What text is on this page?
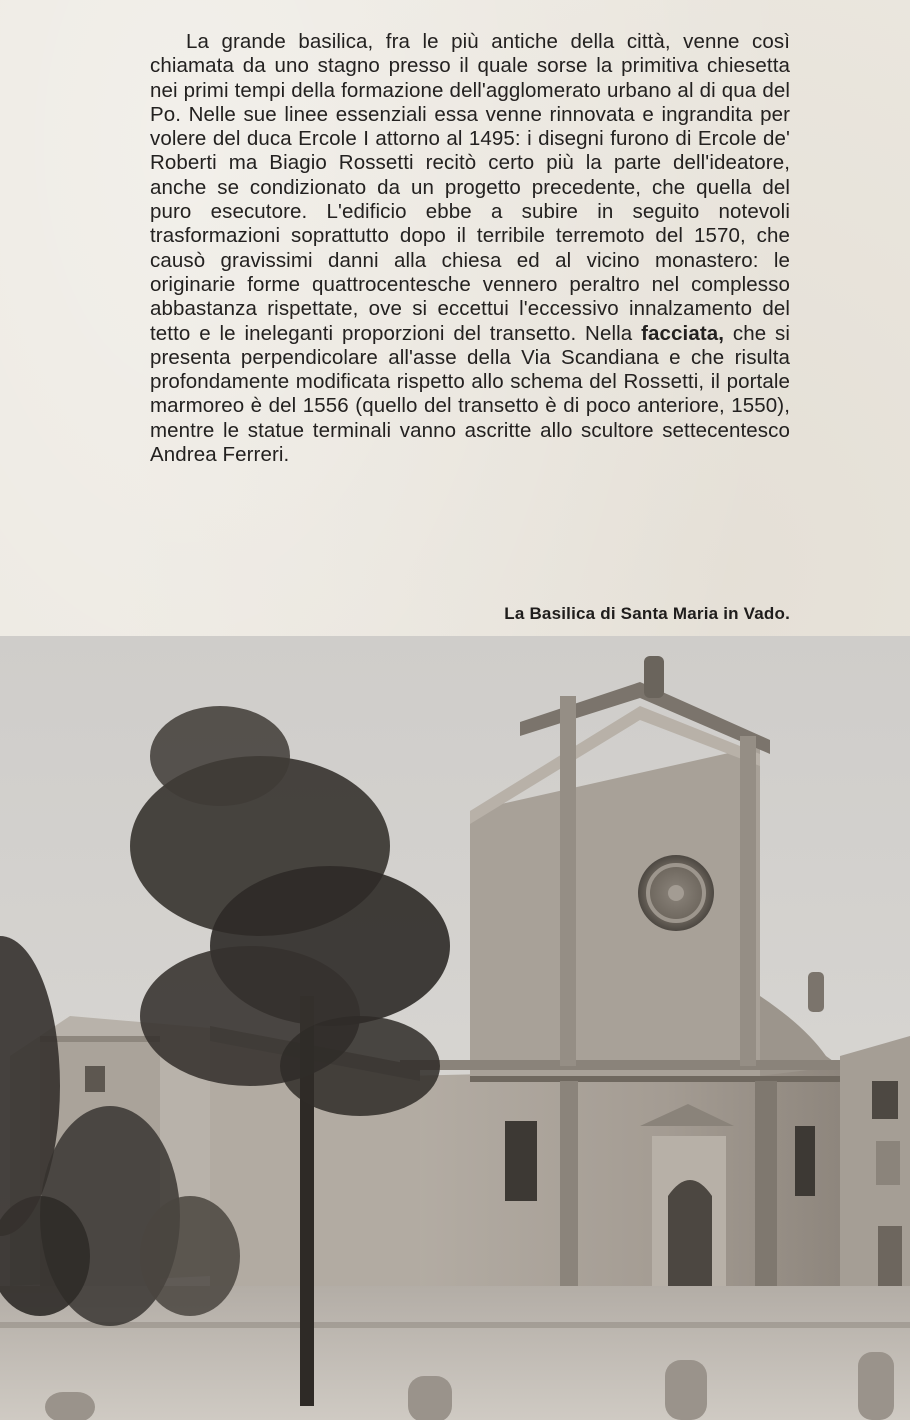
La grande basilica, fra le più antiche della città, venne così chiamata da uno stagno presso il quale sorse la primitiva chiesetta nei primi tempi della formazione dell'agglomerato urbano al di qua del Po. Nelle sue linee essenziali essa venne rinnovata e ingrandita per volere del duca Ercole I attorno al 1495: i disegni furono di Ercole de' Roberti ma Biagio Rossetti recitò certo più la parte dell'ideatore, anche se condizionato da un progetto precedente, che quella del puro esecutore. L'edificio ebbe a subire in seguito notevoli trasformazioni soprattutto dopo il terribile terremoto del 1570, che causò gravissimi danni alla chiesa ed al vicino monastero: le originarie forme quattrocentesche vennero peraltro nel complesso abbastanza rispettate, ove si eccettui l'eccessivo innalzamento del tetto e le ineleganti proporzioni del transetto. Nella facciata, che si presenta perpendicolare all'asse della Via Scandiana e che risulta profondamente modificata rispetto allo schema del Rossetti, il portale marmoreo è del 1556 (quello del transetto è di poco anteriore, 1550), mentre le statue terminali vanno ascritte allo scultore settecentesco Andrea Ferreri.

La Basilica di Santa Maria in Vado.
